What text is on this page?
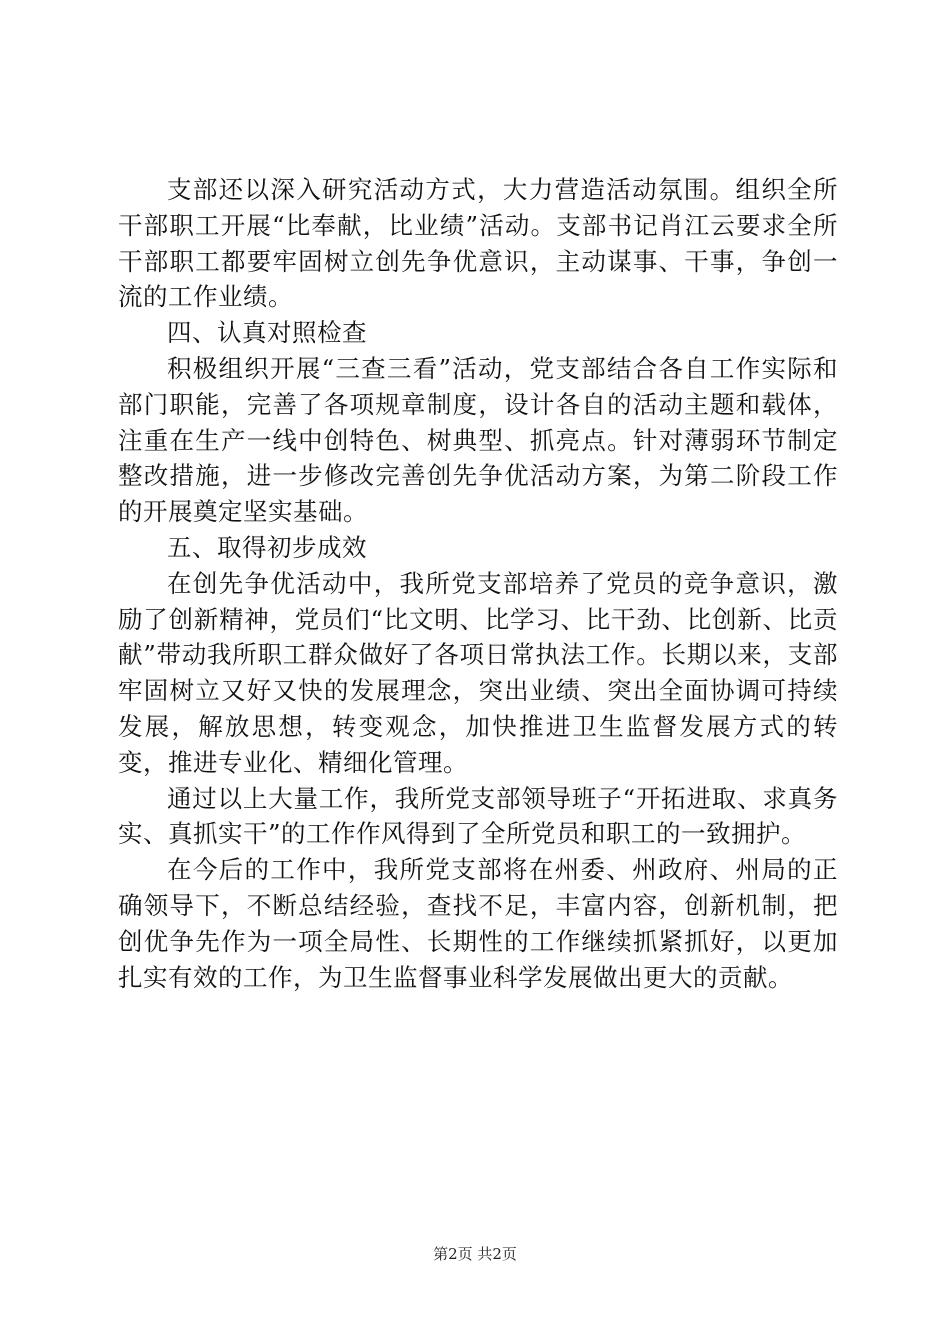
支部还以深入研究活动方式，大力营造活动氛围。组织全所干部职工开展“比奉献，比业绩”活动。支部书记肖江云要求全所干部职工都要牢固树立创先争优意识，主动谋事、干事，争创一流的工作业绩。

四、认真对照检查

积极组织开展“三查三看”活动，党支部结合各自工作实际和部门职能，完善了各项规章制度，设计各自的活动主题和载体，注重在生产一线中创特色、树典型、抓亮点。针对薄弱环节制定整改措施，进一步修改完善创先争优活动方案，为第二阶段工作的开展奠定坚实基础。

五、取得初步成效

在创先争优活动中，我所党支部培养了党员的竞争意识，激励了创新精神，党员们“比文明、比学习、比干劲、比创新、比贡献”带动我所职工群众做好了各项日常执法工作。长期以来，支部牢固树立又好又快的发展理念，突出业绩、突出全面协调可持续发展，解放思想，转变观念，加快推进卫生监督发展方式的转变，推进专业化、精细化管理。

通过以上大量工作，我所党支部领导班子“开拓进取、求真务实、真抓实干”的工作作风得到了全所党员和职工的一致拥护。

在今后的工作中，我所党支部将在州委、州政府、州局的正确领导下，不断总结经验，查找不足，丰富内容，创新机制，把创优争先作为一项全局性、长期性的工作继续抓紧抓好，以更加扎实有效的工作，为卫生监督事业科学发展做出更大的贡献。

第2页 共2页
